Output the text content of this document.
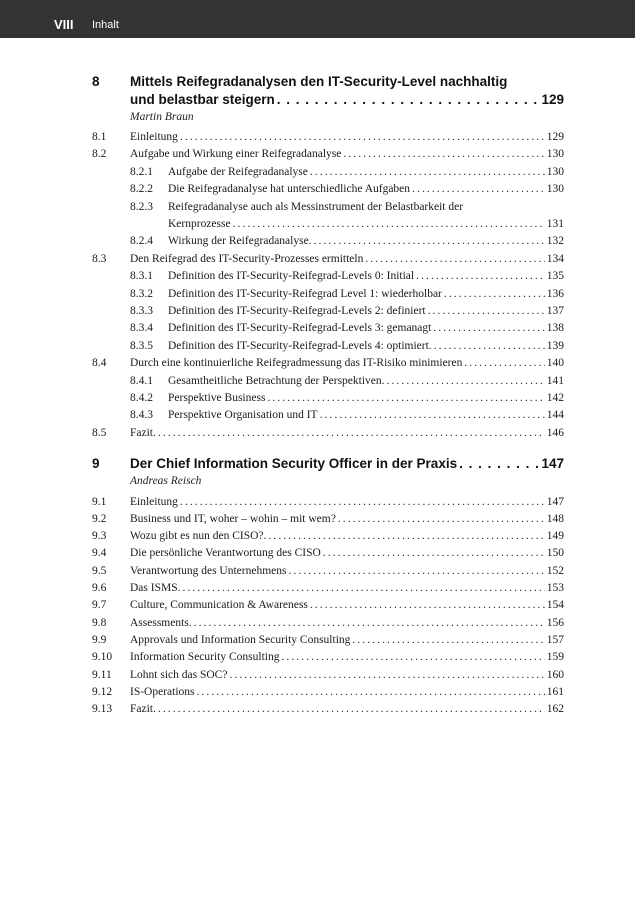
VIII Inhalt
8 Mittels Reifegradanalysen den IT-Security-Level nachhaltig
und belastbar steigern . . .	129
Martin Braun
8.1 Einleitung . . .	129
8.2 Aufgabe und Wirkung einer Reifegradanalyse . . .	130
8.2.1 Aufgabe der Reifegradanalyse . . .	130
8.2.2 Die Reifegradanalyse hat unterschiedliche Aufgaben . . .	130
8.2.3 Reifegradanalyse auch als Messinstrument der Belastbarkeit der
Kernprozesse . . .	131
8.2.4 Wirkung der Reifegradanalyse. . . .	132
8.3 Den Reifegrad des IT-Security-Prozesses ermitteln . . .	134
8.3.1 Definition des IT-Security-Reifegrad-Levels 0: Initial . . .	135
8.3.2 Definition des IT-Security-Reifegrad Level 1: wiederholbar . . .	136
8.3.3 Definition des IT-Security-Reifegrad-Levels 2: definiert . . .	137
8.3.4 Definition des IT-Security-Reifegrad-Levels 3: gemanagt . . .	138
8.3.5 Definition des IT-Security-Reifegrad-Levels 4: optimiert. . . .	139
8.4 Durch eine kontinuierliche Reifegradmessung das IT-Risiko minimieren . . .	140
8.4.1 Gesamtheitliche Betrachtung der Perspektiven. . . .	141
8.4.2 Perspektive Business . . .	142
8.4.3 Perspektive Organisation und IT . . .	144
8.5 Fazit. . . .	146
9 Der Chief Information Security Officer in der Praxis . . .	147
Andreas Reisch
9.1 Einleitung . . .	147
9.2 Business und IT, woher – wohin – mit wem? . . .	148
9.3 Wozu gibt es nun den CISO?. . . .	149
9.4 Die persönliche Verantwortung des CISO . . .	150
9.5 Verantwortung des Unternehmens . . .	152
9.6 Das ISMS. . . .	153
9.7 Culture, Communication & Awareness . . .	154
9.8 Assessments. . . .	156
9.9 Approvals und Information Security Consulting . . .	157
9.10 Information Security Consulting . . .	159
9.11 Lohnt sich das SOC? . . .	160
9.12 IS-Operations . . .	161
9.13 Fazit. . . .	162
